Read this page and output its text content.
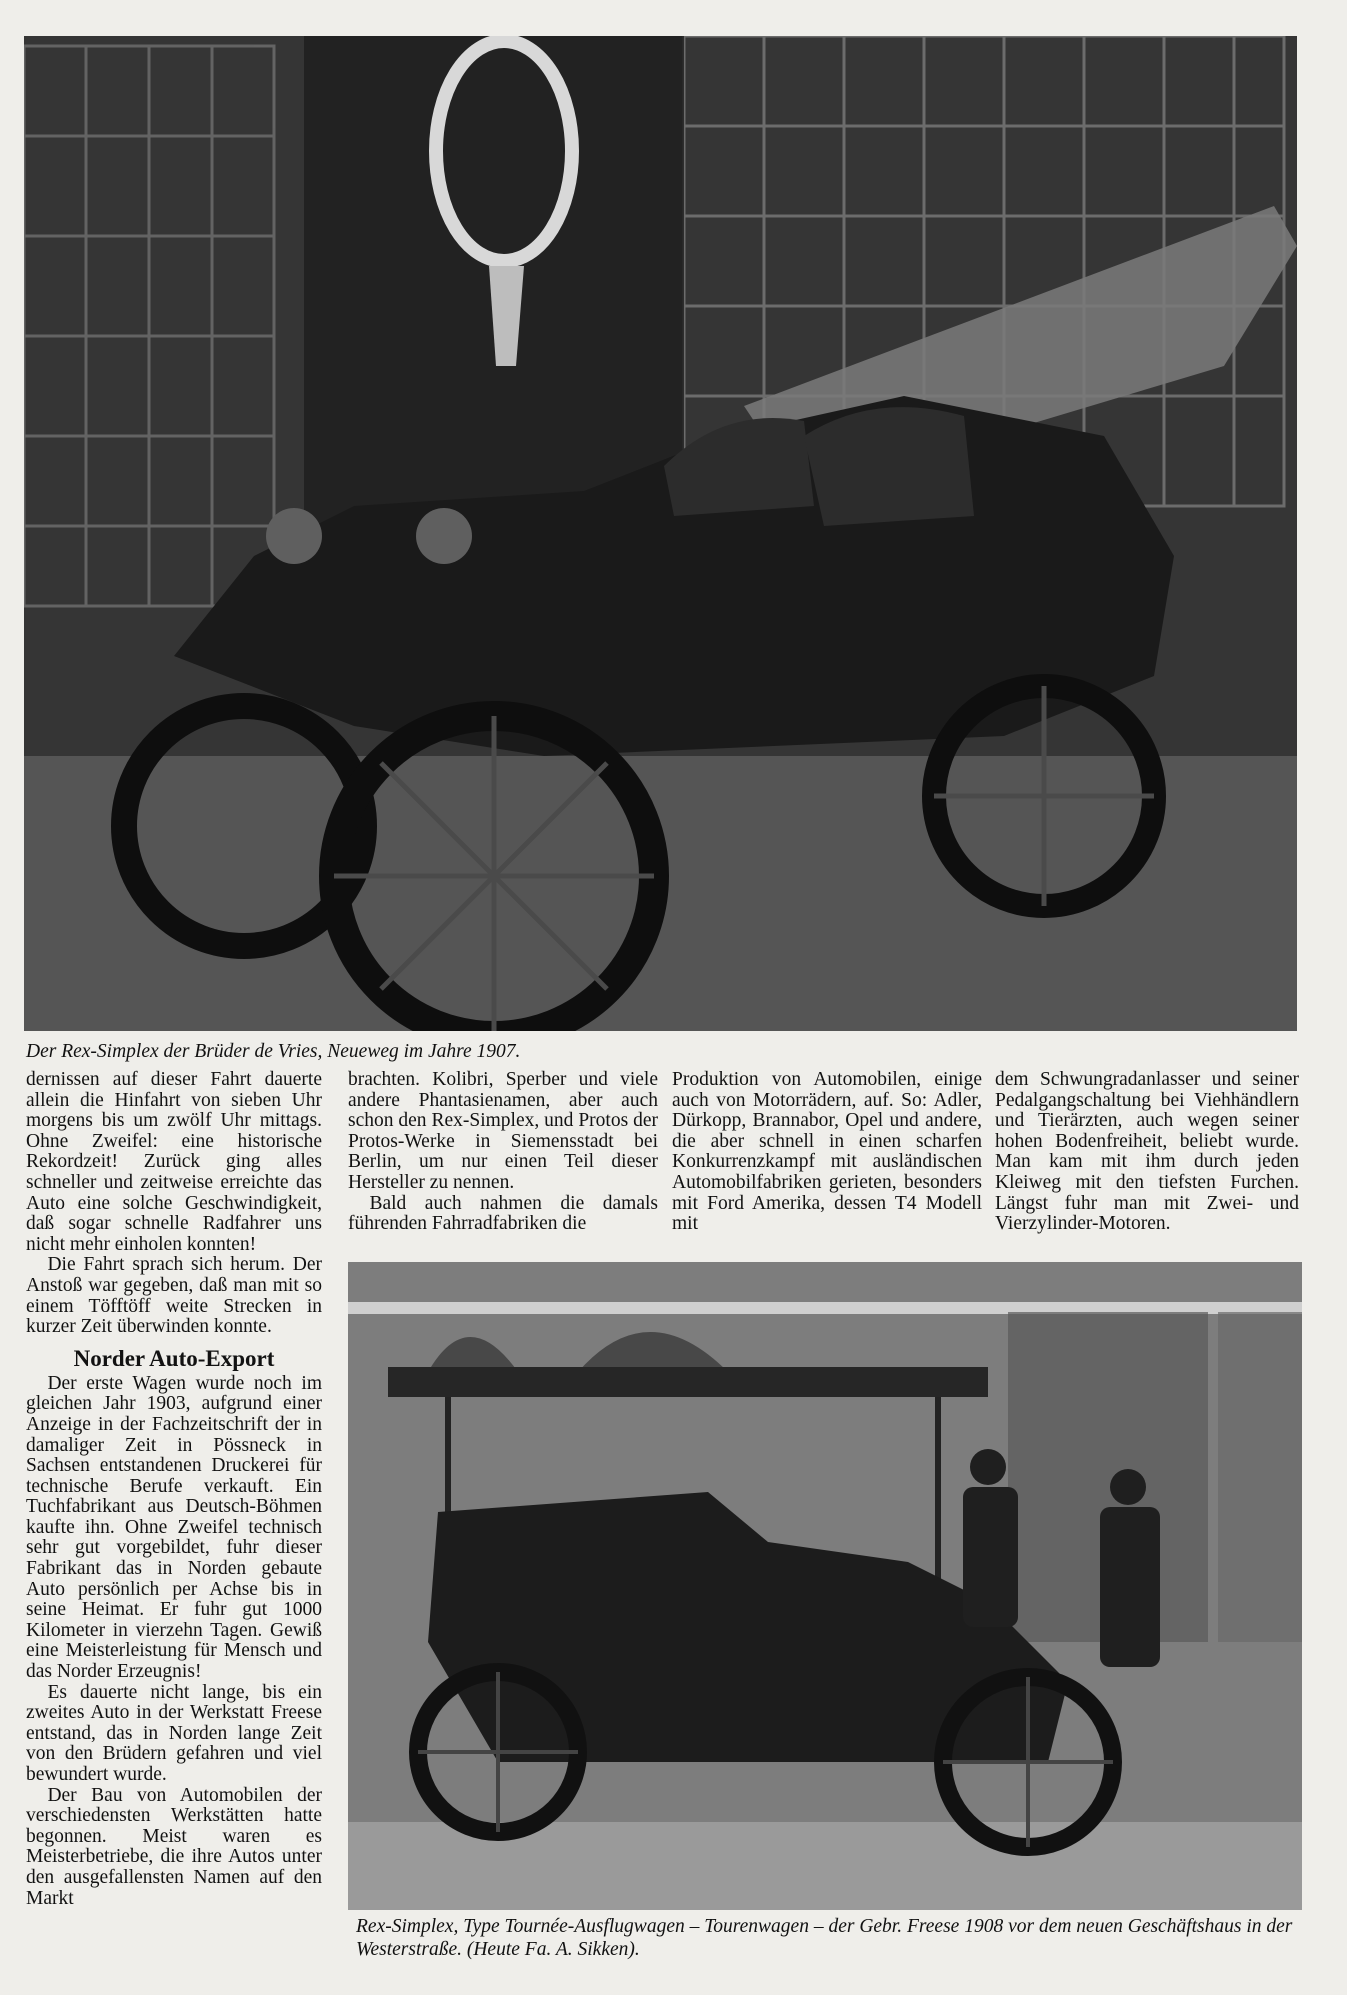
Der Rex-Simplex der Brüder de Vries, Neueweg im Jahre 1907.

dernissen auf dieser Fahrt dauerte allein die Hinfahrt von sieben Uhr morgens bis um zwölf Uhr mittags. Ohne Zweifel: eine historische Rekordzeit! Zurück ging alles schneller und zeitweise erreichte das Auto eine solche Geschwindigkeit, daß sogar schnelle Radfahrer uns nicht mehr einholen konnten!

Die Fahrt sprach sich herum. Der Anstoß war gegeben, daß man mit so einem Töfftöff weite Strecken in kurzer Zeit überwinden konnte.

Norder Auto-Export

Der erste Wagen wurde noch im gleichen Jahr 1903, aufgrund einer Anzeige in der Fachzeitschrift der in damaliger Zeit in Pössneck in Sachsen entstandenen Druckerei für technische Berufe verkauft. Ein Tuchfabrikant aus Deutsch-Böhmen kaufte ihn. Ohne Zweifel technisch sehr gut vorgebildet, fuhr dieser Fabrikant das in Norden gebaute Auto persönlich per Achse bis in seine Heimat. Er fuhr gut 1000 Kilometer in vierzehn Tagen. Gewiß eine Meisterleistung für Mensch und das Norder Erzeugnis!

Es dauerte nicht lange, bis ein zweites Auto in der Werkstatt Freese entstand, das in Norden lange Zeit von den Brüdern gefahren und viel bewundert wurde.

Der Bau von Automobilen der verschiedensten Werkstätten hatte begonnen. Meist waren es Meisterbetriebe, die ihre Autos unter den ausgefallensten Namen auf den Markt

brachten. Kolibri, Sperber und viele andere Phantasienamen, aber auch schon den Rex-Simplex, und Protos der Protos-Werke in Siemensstadt bei Berlin, um nur einen Teil dieser Hersteller zu nennen.

Bald auch nahmen die damals führenden Fahrradfabriken die

Produktion von Automobilen, einige auch von Motorrädern, auf. So: Adler, Dürkopp, Brannabor, Opel und andere, die aber schnell in einen scharfen Konkurrenzkampf mit ausländischen Automobilfabriken gerieten, besonders mit Ford Amerika, dessen T4 Modell mit

dem Schwungradanlasser und seiner Pedalgangschaltung bei Viehhändlern und Tierärzten, auch wegen seiner hohen Bodenfreiheit, beliebt wurde. Man kam mit ihm durch jeden Kleiweg mit den tiefsten Furchen. Längst fuhr man mit Zwei- und Vierzylinder-Motoren.

Rex-Simplex, Type Tournée-Ausflugwagen – Tourenwagen – der Gebr. Freese 1908 vor dem neuen Geschäftshaus in der Westerstraße. (Heute Fa. A. Sikken).
